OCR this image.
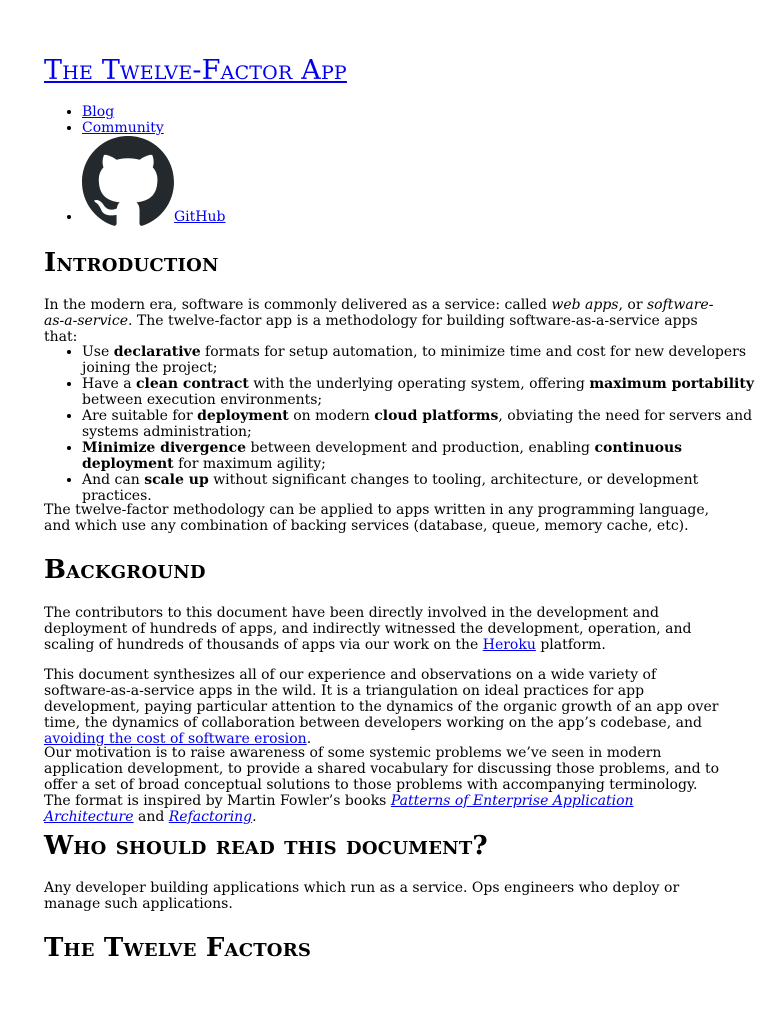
The Twelve-Factor App
• Blog
• Community
• GitHub
Introduction

In the modern era, software is commonly delivered as a service: called web apps, or software-as-a-service. The twelve-factor app is a methodology for building software-as-a-service apps that:

• Use declarative formats for setup automation, to minimize time and cost for new developers joining the project;
• Have a clean contract with the underlying operating system, offering maximum portability between execution environments;
• Are suitable for deployment on modern cloud platforms, obviating the need for servers and systems administration;
• Minimize divergence between development and production, enabling continuous deployment for maximum agility;
• And can scale up without significant changes to tooling, architecture, or development practices.

The twelve-factor methodology can be applied to apps written in any programming language, and which use any combination of backing services (database, queue, memory cache, etc).

Background

The contributors to this document have been directly involved in the development and deployment of hundreds of apps, and indirectly witnessed the development, operation, and scaling of hundreds of thousands of apps via our work on the Heroku platform.

This document synthesizes all of our experience and observations on a wide variety of software-as-a-service apps in the wild. It is a triangulation on ideal practices for app development, paying particular attention to the dynamics of the organic growth of an app over time, the dynamics of collaboration between developers working on the app’s codebase, and avoiding the cost of software erosion.

Our motivation is to raise awareness of some systemic problems we’ve seen in modern application development, to provide a shared vocabulary for discussing those problems, and to offer a set of broad conceptual solutions to those problems with accompanying terminology. The format is inspired by Martin Fowler’s books Patterns of Enterprise Application Architecture and Refactoring.

Who should read this document?

Any developer building applications which run as a service. Ops engineers who deploy or manage such applications.

The Twelve Factors
